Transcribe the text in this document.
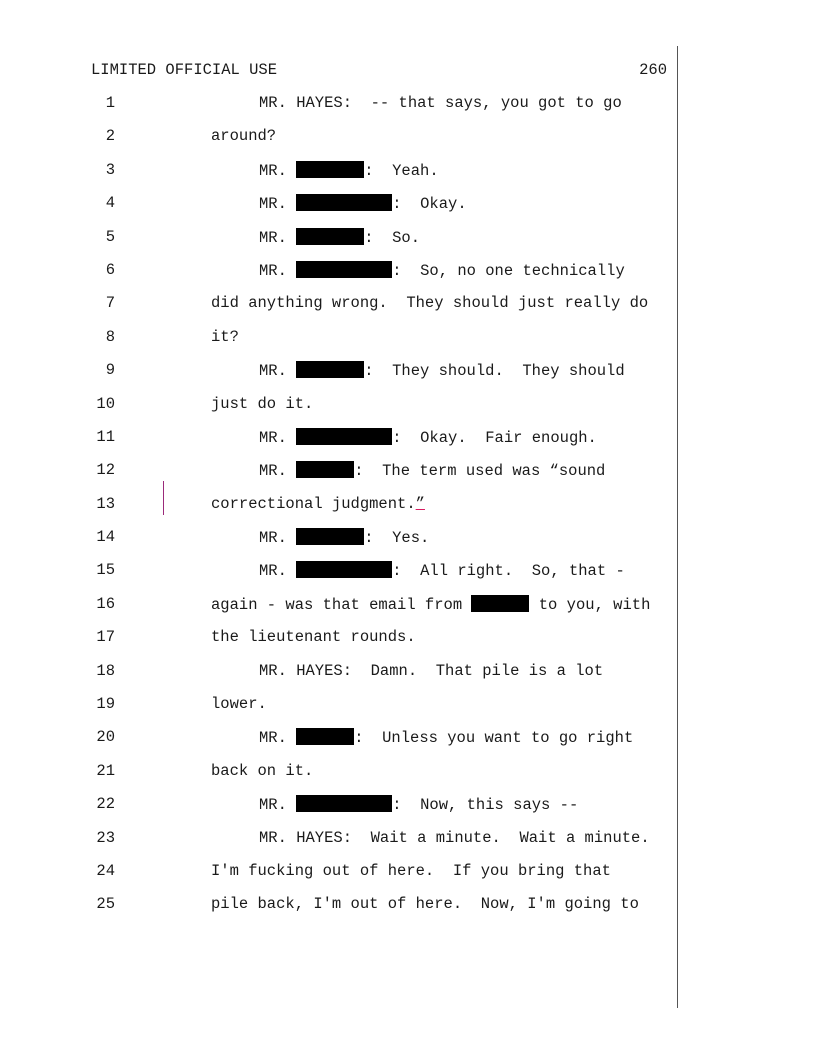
LIMITED OFFICIAL USE	260

1

	MR. HAYES:  -- that says, you got to go

2

	around?

3

	MR.	:  Yeah.

4

	MR.	:  Okay.

5

	MR.	:  So.

6

	MR.	:  So, no one technically

7

	did anything wrong.  They should just really do

8

	it?

9

	MR.	:  They should.  They should

10

	just do it.

11

	MR.	:  Okay.  Fair enough.

12

	MR.	:  The term used was “sound

13

	correctional judgment.”

14

	MR.	:  Yes.

15

	MR.	:  All right.  So, that -

16

	again - was that email from	to you, with

17

	the lieutenant rounds.

18

	MR. HAYES:  Damn.  That pile is a lot

19

	lower.

20

	MR.	:  Unless you want to go right

21

	back on it.

22

	MR.	:  Now, this says --

23

	MR. HAYES:  Wait a minute.  Wait a minute.

24

	I'm fucking out of here.  If you bring that

25

	pile back, I'm out of here.  Now, I'm going to
